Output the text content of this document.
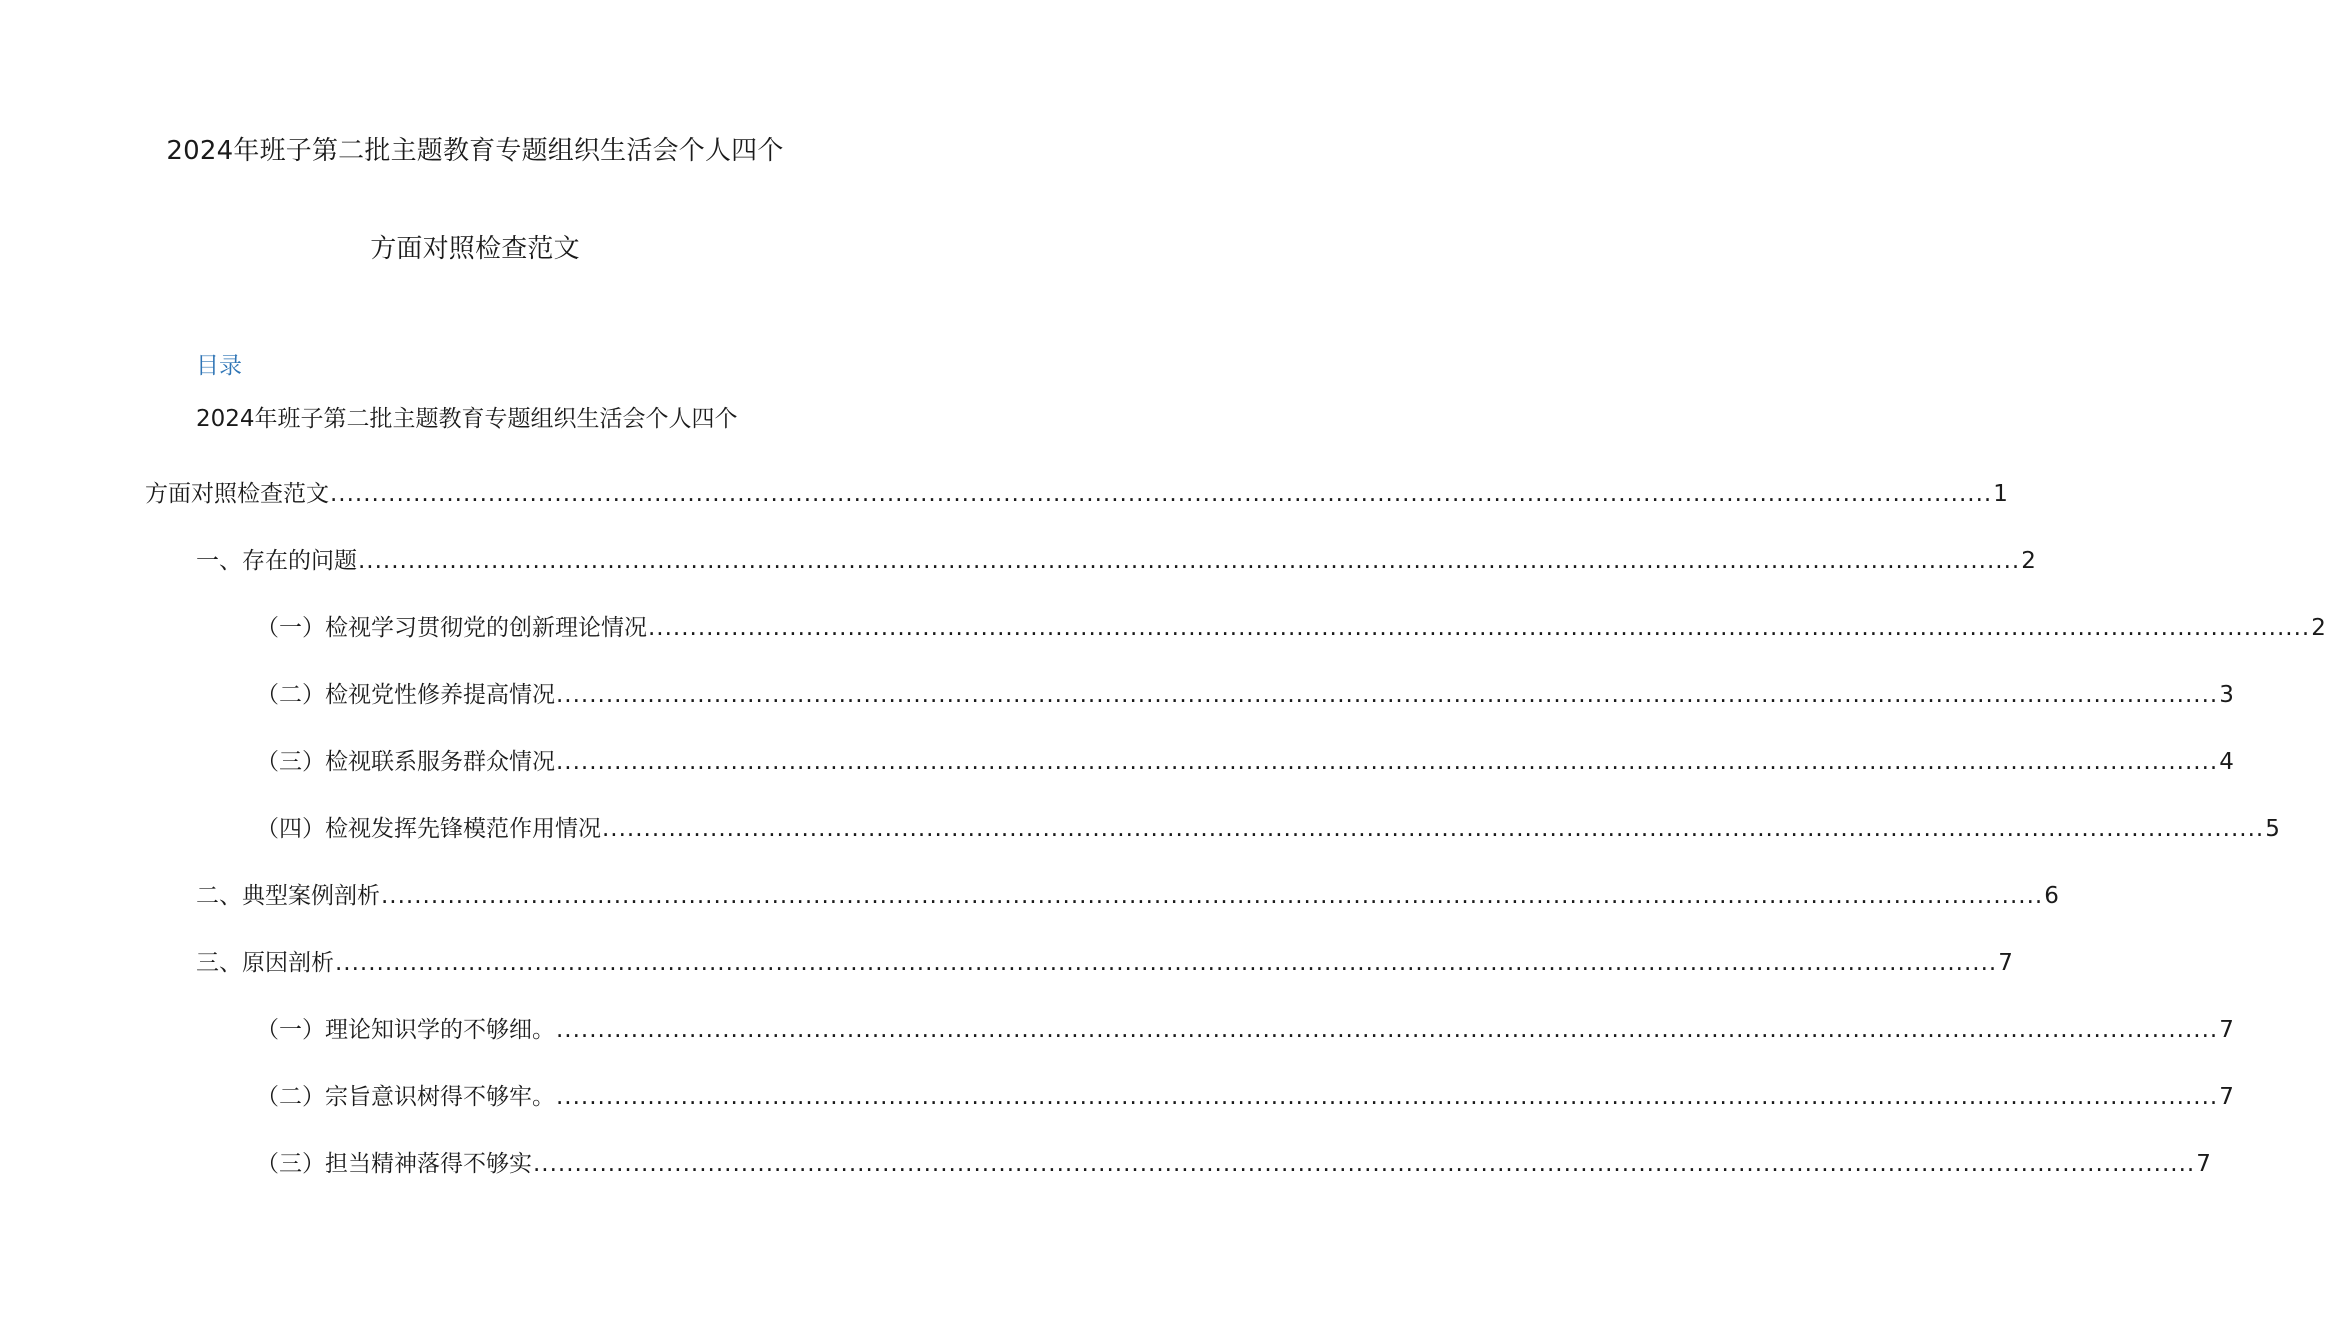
2024年班子第二批主题教育专题组织生活会个人四个
方面对照检查范文
目录
2024年班子第二批主题教育专题组织生活会个人四个
方面对照检查范文 ........................................................................................................................................................................................................ 1
一、存在的问题 ........................................................................................................................................................................................................ 2
（一）检视学习贯彻党的创新理论情况 ........................................................................................................................................................................................................ 2
（二）检视党性修养提高情况 ........................................................................................................................................................................................................ 3
（三）检视联系服务群众情况 ........................................................................................................................................................................................................ 4
（四）检视发挥先锋模范作用情况 ........................................................................................................................................................................................................ 5
二、典型案例剖析 ........................................................................................................................................................................................................ 6
三、原因剖析 ........................................................................................................................................................................................................ 7
（一）理论知识学的不够细。 ........................................................................................................................................................................................................ 7
（二）宗旨意识树得不够牢。 ........................................................................................................................................................................................................ 7
（三）担当精神落得不够实 ........................................................................................................................................................................................................ 7
